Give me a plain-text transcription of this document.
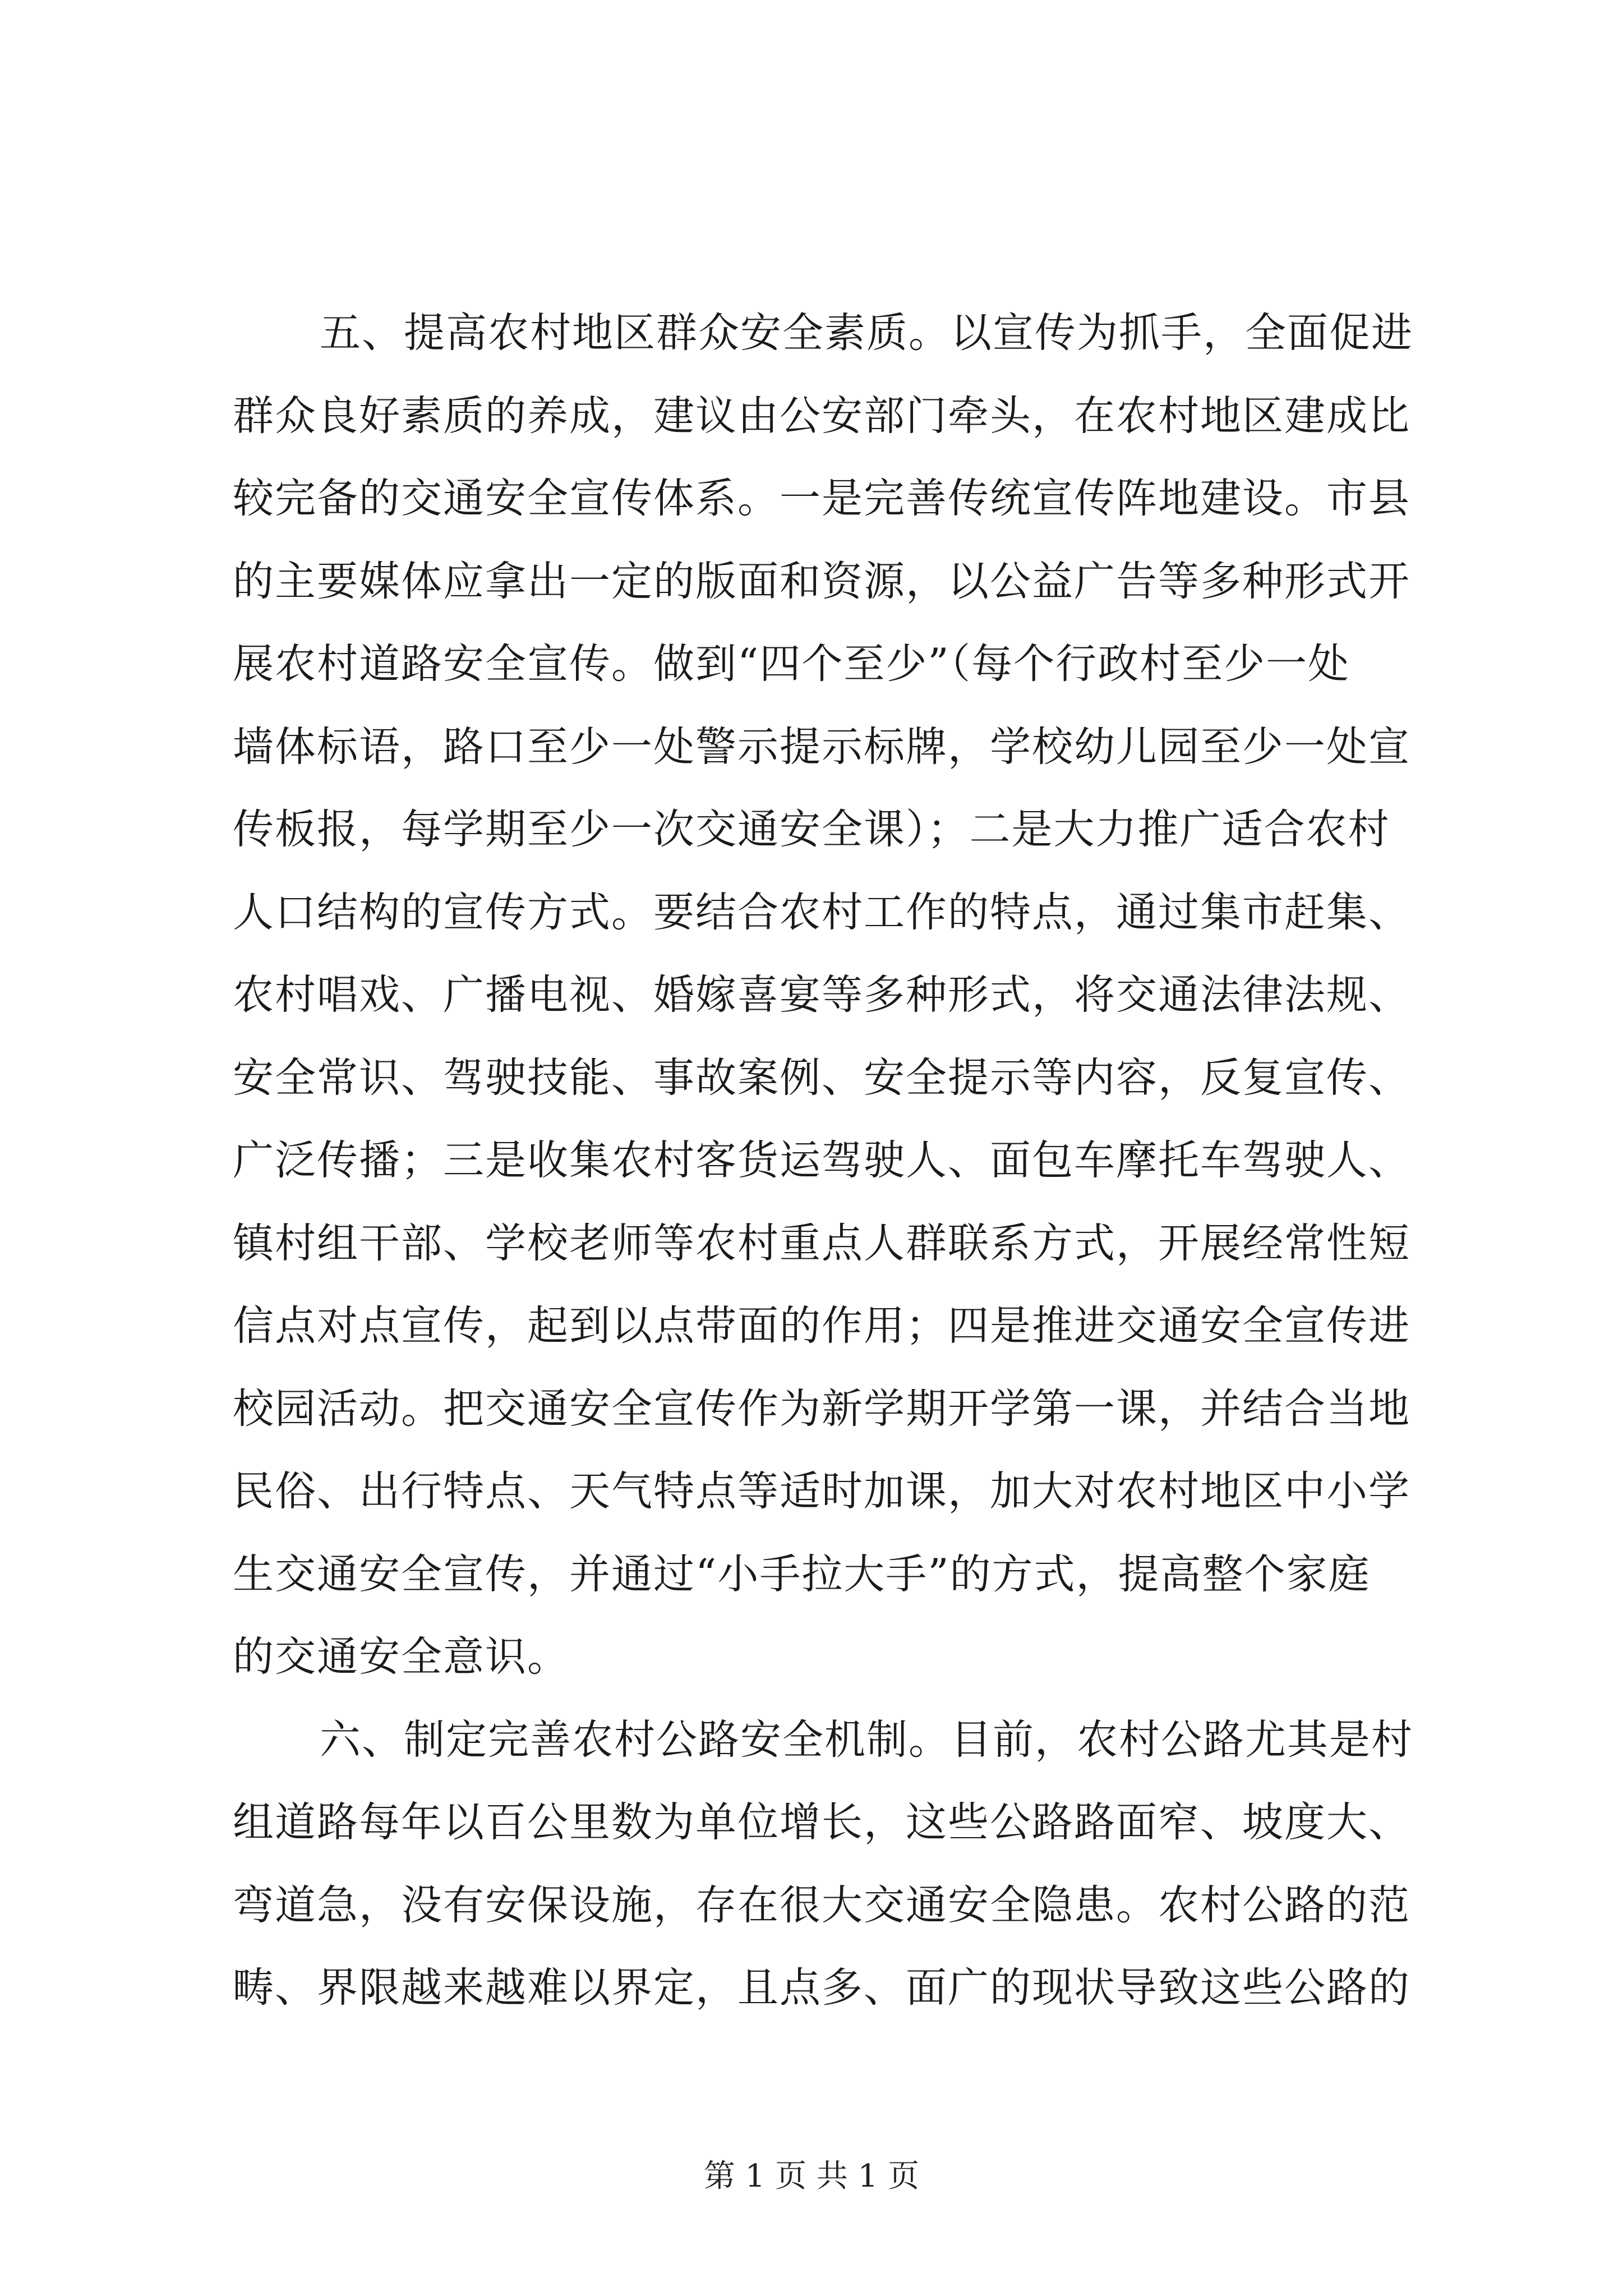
五、提高农村地区群众安全素质。以宣传为抓手，全面促进
群众良好素质的养成，建议由公安部门牵头，在农村地区建成比
较完备的交通安全宣传体系。一是完善传统宣传阵地建设。市县
的主要媒体应拿出一定的版面和资源，以公益广告等多种形式开
展农村道路安全宣传。做到“四个至少”（每个行政村至少一处
墙体标语，路口至少一处警示提示标牌，学校幼儿园至少一处宣
传板报，每学期至少一次交通安全课）；二是大力推广适合农村
人口结构的宣传方式。要结合农村工作的特点，通过集市赶集、
农村唱戏、广播电视、婚嫁喜宴等多种形式，将交通法律法规、
安全常识、驾驶技能、事故案例、安全提示等内容，反复宣传、
广泛传播；三是收集农村客货运驾驶人、面包车摩托车驾驶人、
镇村组干部、学校老师等农村重点人群联系方式，开展经常性短
信点对点宣传，起到以点带面的作用；四是推进交通安全宣传进
校园活动。把交通安全宣传作为新学期开学第一课，并结合当地
民俗、出行特点、天气特点等适时加课，加大对农村地区中小学
生交通安全宣传，并通过“小手拉大手”的方式，提高整个家庭
的交通安全意识。
六、制定完善农村公路安全机制。目前，农村公路尤其是村
组道路每年以百公里数为单位增长，这些公路路面窄、坡度大、
弯道急，没有安保设施，存在很大交通安全隐患。农村公路的范
畴、界限越来越难以界定，且点多、面广的现状导致这些公路的
第 1 页 共 1 页
